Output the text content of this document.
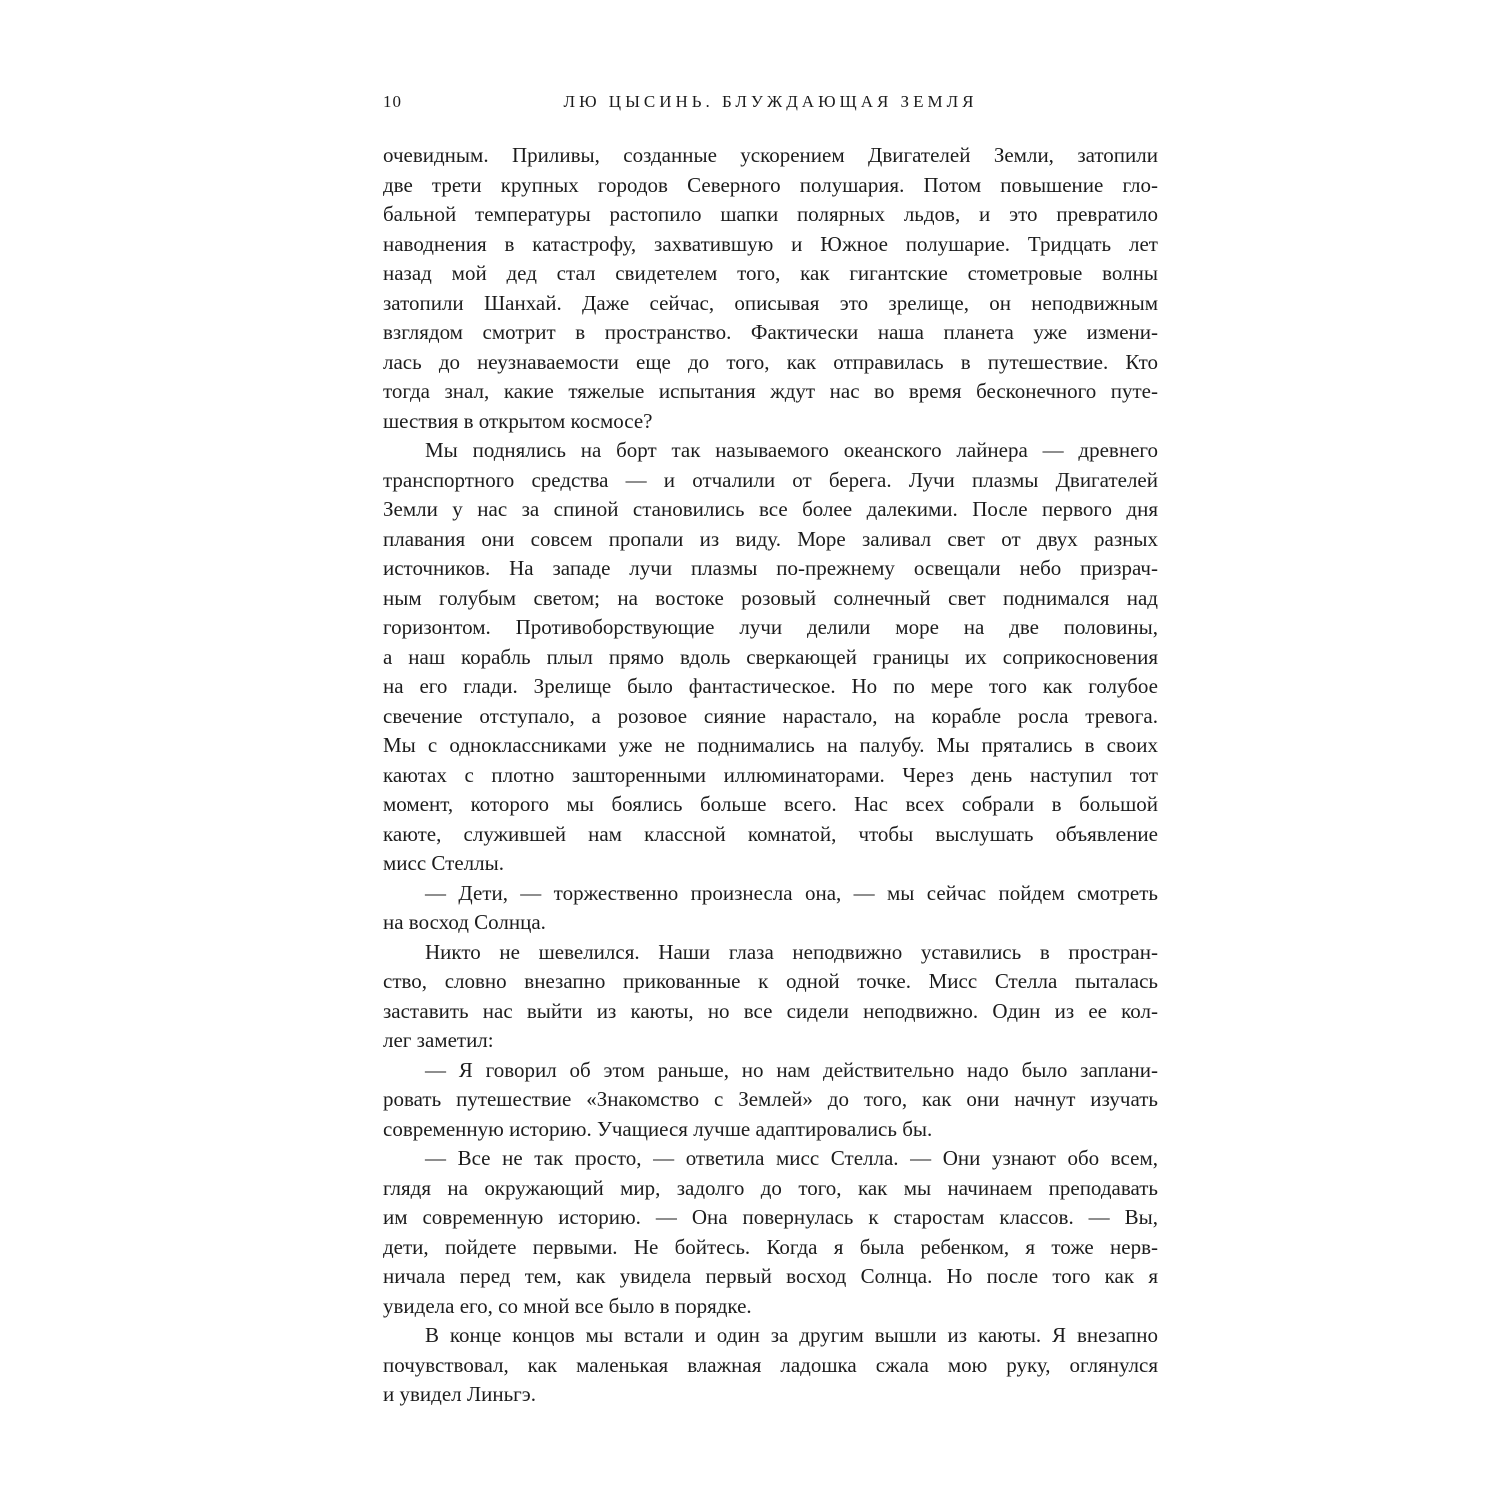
10	ЛЮ ЦЫСИНЬ. БЛУЖДАЮЩАЯ ЗЕМЛЯ
очевидным. Приливы, созданные ускорением Двигателей Земли, затопили
две трети крупных городов Северного полушария. Потом повышение гло-
бальной температуры растопило шапки полярных льдов, и это превратило
наводнения в катастрофу, захватившую и Южное полушарие. Тридцать лет
назад мой дед стал свидетелем того, как гигантские стометровые волны
затопили Шанхай. Даже сейчас, описывая это зрелище, он неподвижным
взглядом смотрит в пространство. Фактически наша планета уже измени-
лась до неузнаваемости еще до того, как отправилась в путешествие. Кто
тогда знал, какие тяжелые испытания ждут нас во время бесконечного путе-
шествия в открытом космосе?
Мы поднялись на борт так называемого океанского лайнера — древнего
транспортного средства — и отчалили от берега. Лучи плазмы Двигателей
Земли у нас за спиной становились все более далекими. После первого дня
плавания они совсем пропали из виду. Море заливал свет от двух разных
источников. На западе лучи плазмы по-прежнему освещали небо призрач-
ным голубым светом; на востоке розовый солнечный свет поднимался над
горизонтом. Противоборствующие лучи делили море на две половины,
а наш корабль плыл прямо вдоль сверкающей границы их соприкосновения
на его глади. Зрелище было фантастическое. Но по мере того как голубое
свечение отступало, а розовое сияние нарастало, на корабле росла тревога.
Мы с одноклассниками уже не поднимались на палубу. Мы прятались в своих
каютах с плотно зашторенными иллюминаторами. Через день наступил тот
момент, которого мы боялись больше всего. Нас всех собрали в большой
каюте, служившей нам классной комнатой, чтобы выслушать объявление
мисс Стеллы.
— Дети, — торжественно произнесла она, — мы сейчас пойдем смотреть
на восход Солнца.
Никто не шевелился. Наши глаза неподвижно уставились в простран-
ство, словно внезапно прикованные к одной точке. Мисс Стелла пыталась
заставить нас выйти из каюты, но все сидели неподвижно. Один из ее кол-
лег заметил:
— Я говорил об этом раньше, но нам действительно надо было заплани-
ровать путешествие «Знакомство с Землей» до того, как они начнут изучать
современную историю. Учащиеся лучше адаптировались бы.
— Все не так просто, — ответила мисс Стелла. — Они узнают обо всем,
глядя на окружающий мир, задолго до того, как мы начинаем преподавать
им современную историю. — Она повернулась к старостам классов. — Вы,
дети, пойдете первыми. Не бойтесь. Когда я была ребенком, я тоже нерв-
ничала перед тем, как увидела первый восход Солнца. Но после того как я
увидела его, со мной все было в порядке.
В конце концов мы встали и один за другим вышли из каюты. Я внезапно
почувствовал, как маленькая влажная ладошка сжала мою руку, оглянулся
и увидел Линьгэ.
